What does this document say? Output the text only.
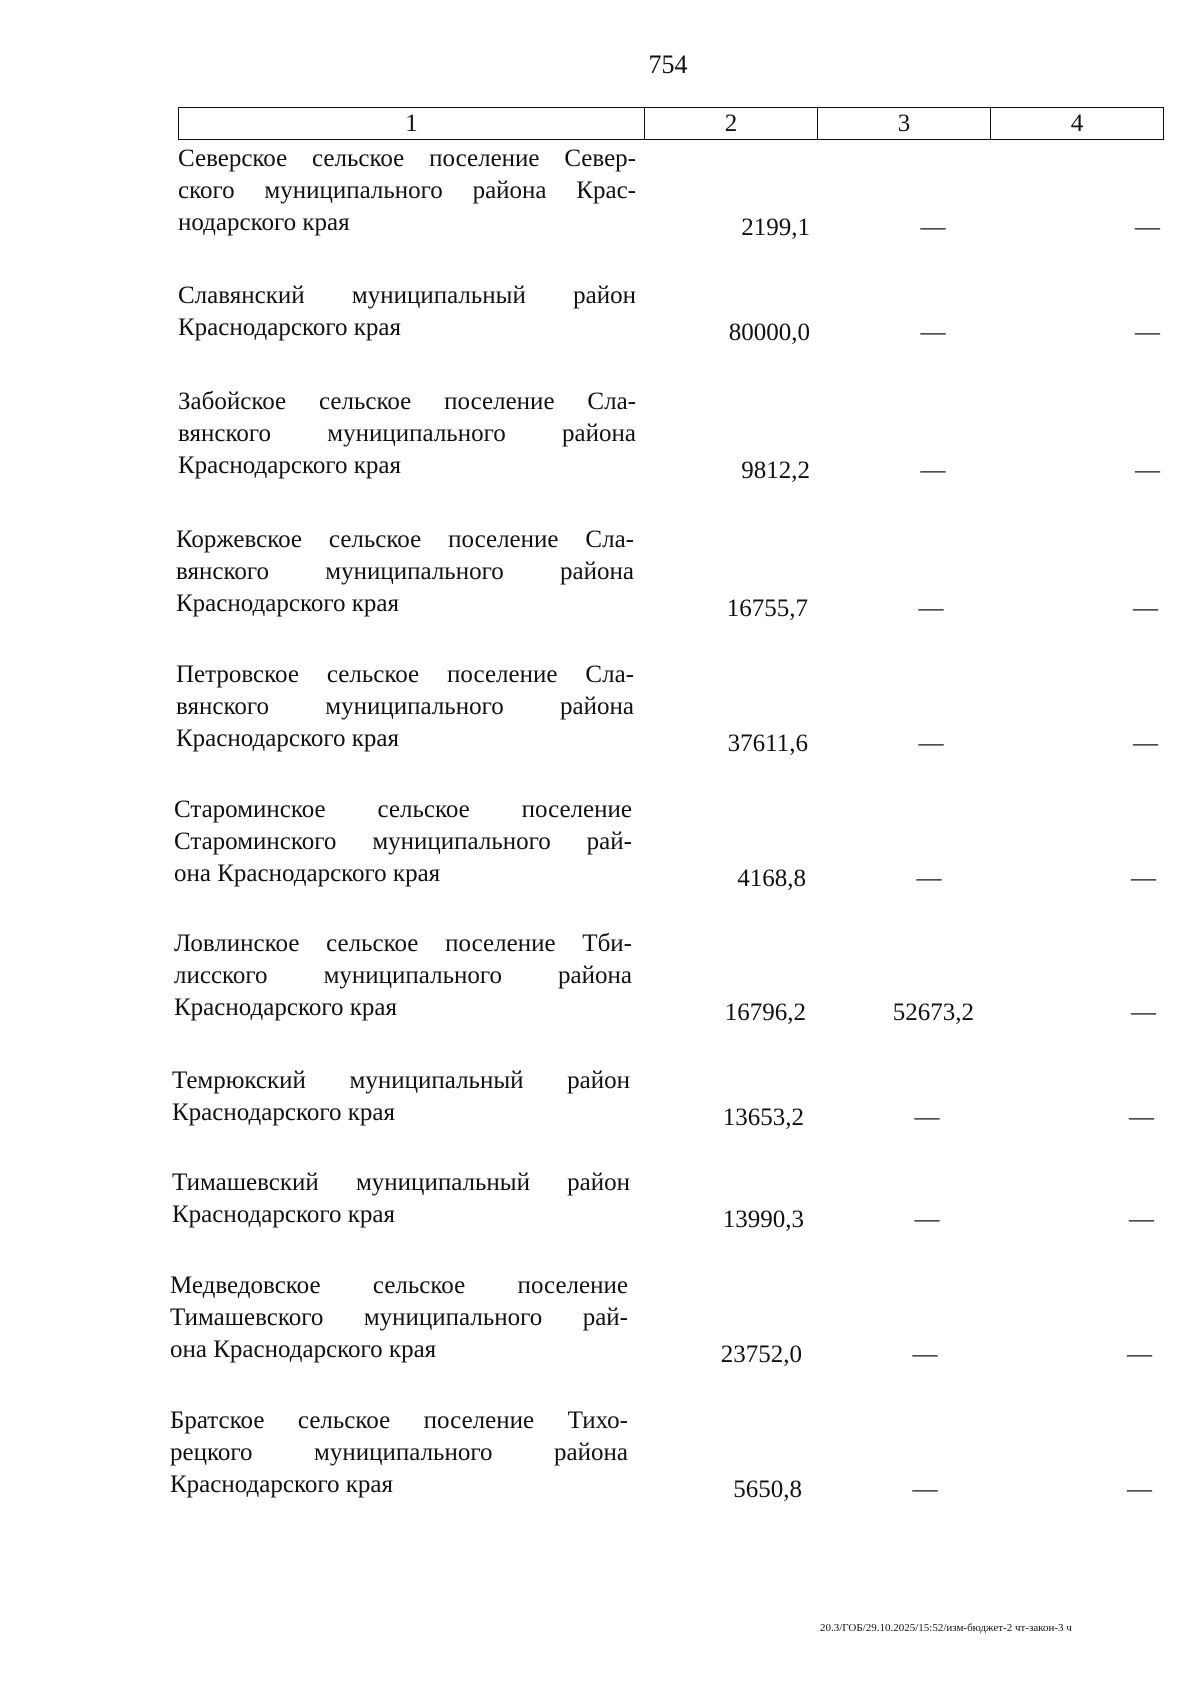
754
1	2	3	4
Северское сельское поселение Север-
ского муниципального района Крас-
нодарского края	2199,1	—	—
Славянский муниципальный район
Краснодарского края	80000,0	—	—
Забойское сельское поселение Сла-
вянского муниципального района
Краснодарского края	9812,2	—	—
Коржевское сельское поселение Сла-
вянского муниципального района
Краснодарского края	16755,7	—	—
Петровское сельское поселение Сла-
вянского муниципального района
Краснодарского края	37611,6	—	—
Староминское сельское поселение
Староминского муниципального рай-
она Краснодарского края	4168,8	—	—
Ловлинское сельское поселение Тби-
лисского муниципального района
Краснодарского края	16796,2	52673,2	—
Темрюкский муниципальный район
Краснодарского края	13653,2	—	—
Тимашевский муниципальный район
Краснодарского края	13990,3	—	—
Медведовское сельское поселение
Тимашевского муниципального рай-
она Краснодарского края	23752,0	—	—
Братское сельское поселение Тихо-
рецкого муниципального района
Краснодарского края	5650,8	—	—
20.3/ГОБ/29.10.2025/15:52/изм-бюджет-2 чт-закон-3 ч
